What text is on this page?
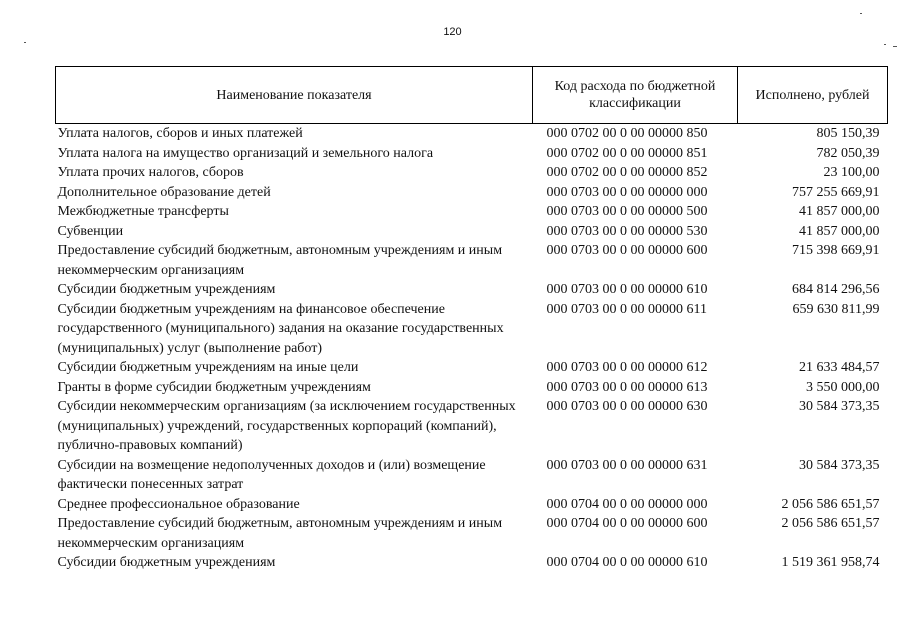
120
Наименование показателя	Код расхода по бюджетной классификации	Исполнено, рублей
Уплата налогов, сборов и иных платежей	000 0702 00 0 00 00000 850	805 150,39
Уплата налога на имущество организаций и земельного налога	000 0702 00 0 00 00000 851	782 050,39
Уплата прочих налогов, сборов	000 0702 00 0 00 00000 852	23 100,00
Дополнительное образование детей	000 0703 00 0 00 00000 000	757 255 669,91
Межбюджетные трансферты	000 0703 00 0 00 00000 500	41 857 000,00
Субвенции	000 0703 00 0 00 00000 530	41 857 000,00
Предоставление субсидий бюджетным, автономным учреждениям и иным некоммерческим организациям	000 0703 00 0 00 00000 600	715 398 669,91
Субсидии бюджетным учреждениям	000 0703 00 0 00 00000 610	684 814 296,56
Субсидии бюджетным учреждениям на финансовое обеспечение государственного (муниципального) задания на оказание государственных (муниципальных) услуг (выполнение работ)	000 0703 00 0 00 00000 611	659 630 811,99
Субсидии бюджетным учреждениям на иные цели	000 0703 00 0 00 00000 612	21 633 484,57
Гранты в форме субсидии бюджетным учреждениям	000 0703 00 0 00 00000 613	3 550 000,00
Субсидии некоммерческим организациям (за исключением государственных (муниципальных) учреждений, государственных корпораций (компаний), публично-правовых компаний)	000 0703 00 0 00 00000 630	30 584 373,35
Субсидии на возмещение недополученных доходов и (или) возмещение фактически понесенных затрат	000 0703 00 0 00 00000 631	30 584 373,35
Среднее профессиональное образование	000 0704 00 0 00 00000 000	2 056 586 651,57
Предоставление субсидий бюджетным, автономным учреждениям и иным некоммерческим организациям	000 0704 00 0 00 00000 600	2 056 586 651,57
Субсидии бюджетным учреждениям	000 0704 00 0 00 00000 610	1 519 361 958,74
